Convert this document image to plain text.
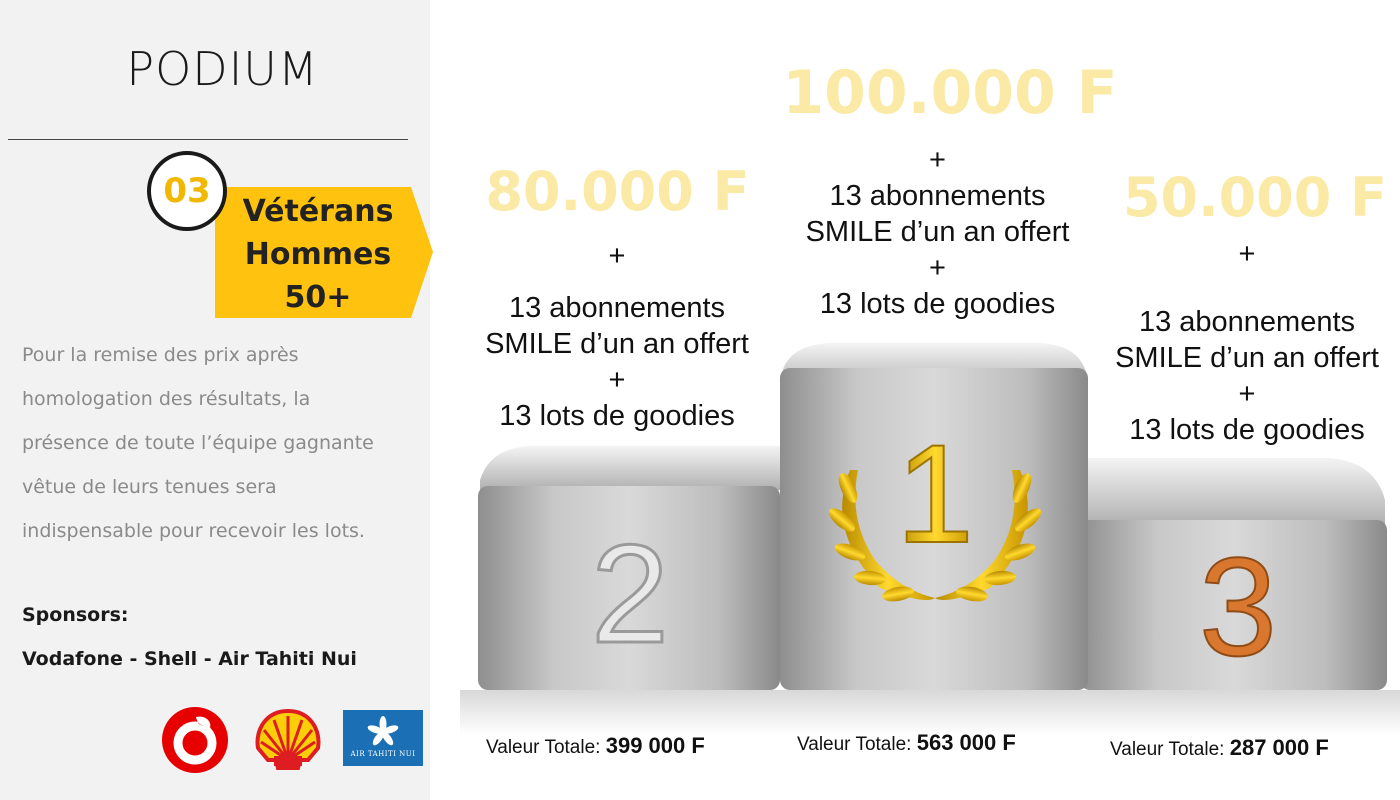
PODIUM
Vétérans
Hommes
50+
03
Pour la remise des prix après
homologation des résultats, la
présence de toute l’équipe gagnante
vêtue de leurs tenues sera
indispensable pour recevoir les lots.
Sponsors:
Vodafone - Shell - Air Tahiti Nui
AIR TAHITI NUI
1
2	3
100.000 F
80.000 F	50.000 F
+
13 abonnements
SMILE d’un an offert
+
13 lots de goodies
+
13 abonnements
SMILE d’un an offert
+
13 lots de goodies
+
13 abonnements
SMILE d’un an offert
+
13 lots de goodies
Valeur Totale: 399 000 F	Valeur Totale: 563 000 F	Valeur Totale: 287 000 F
